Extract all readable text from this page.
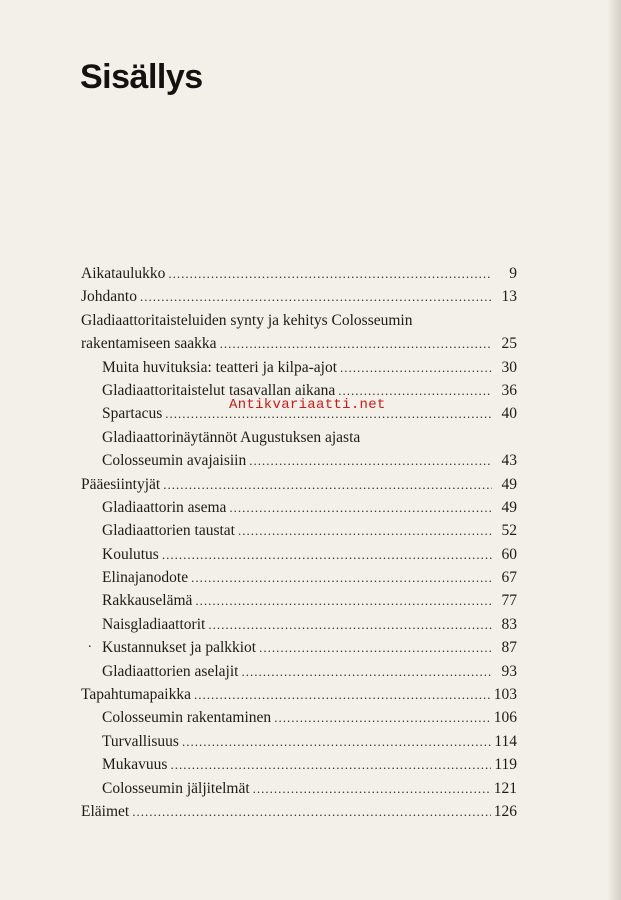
Sisällys
Aikataulukko .....	9
Johdanto .....	13
Gladiaattoritaisteluiden synty ja kehitys Colosseumin
rakentamiseen saakka .....	25
Muita huvituksia: teatteri ja kilpa-ajot .....	30
Gladiaattoritaistelut tasavallan aikana .....	36
Spartacus .....	40
Gladiaattorinäytännöt Augustuksen ajasta
Colosseumin avajaisiin .....	43
Pääesiintyjät .....	49
Gladiaattorin asema .....	49
Gladiaattorien taustat .....	52
Koulutus .....	60
Elinajanodote .....	67
Rakkauselämä .....	77
Naisgladiaattorit .....	83
Kustannukset ja palkkiot .....	87
Gladiaattorien aselajit .....	93
Tapahtumapaikka .....	103
Colosseumin rakentaminen .....	106
Turvallisuus .....	114
Mukavuus .....	119
Colosseumin jäljitelmät .....	121
Eläimet .....	126
.
Antikvariaatti.net
